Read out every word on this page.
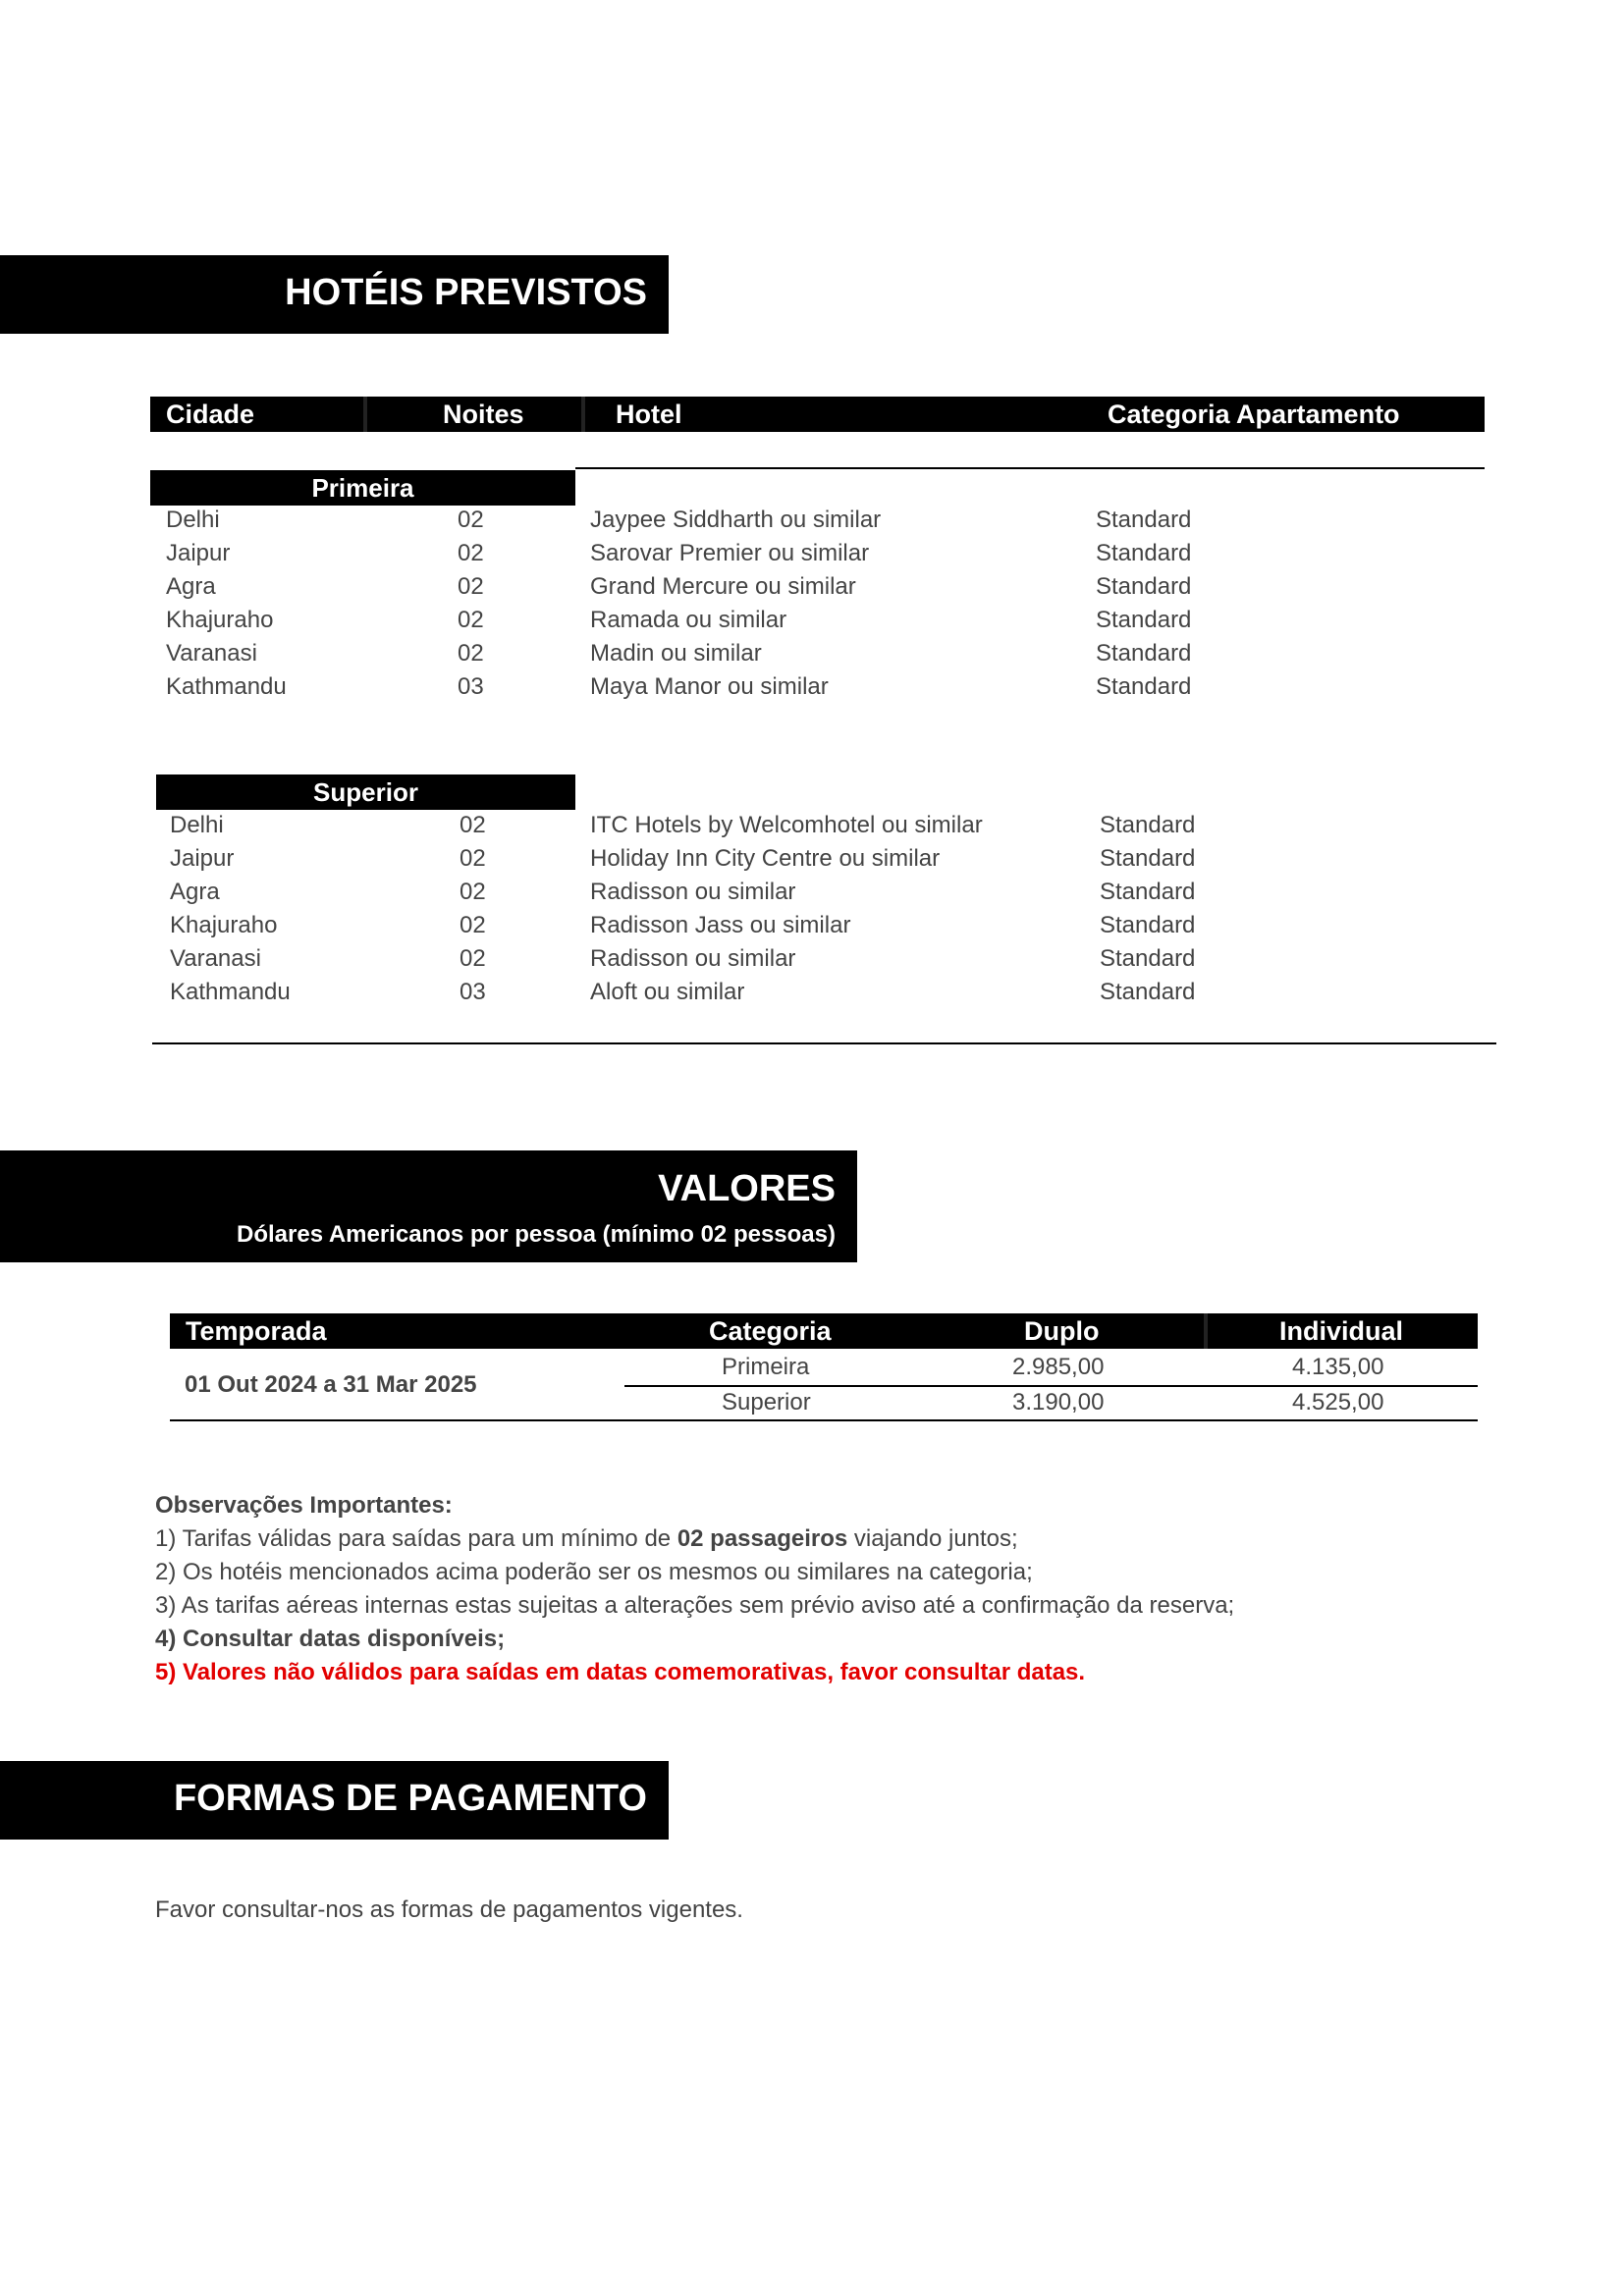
HOTÉIS PREVISTOS
Cidade	Noites	Hotel	Categoria Apartamento
Primeira
Delhi	02	Jaypee Siddharth ou similar	Standard
Jaipur	02	Sarovar Premier ou similar	Standard
Agra	02	Grand Mercure ou similar	Standard
Khajuraho	02	Ramada ou similar	Standard
Varanasi	02	Madin ou similar	Standard
Kathmandu	03	Maya Manor ou similar	Standard
Superior
Delhi	02	ITC Hotels by Welcomhotel ou similar	Standard
Jaipur	02	Holiday Inn City Centre ou similar	Standard
Agra	02	Radisson ou similar	Standard
Khajuraho	02	Radisson Jass ou similar	Standard
Varanasi	02	Radisson ou similar	Standard
Kathmandu	03	Aloft ou similar	Standard
VALORES
Dólares Americanos por pessoa (mínimo 02 pessoas)
Temporada	Categoria	Duplo	Individual
01 Out 2024 a 31 Mar 2025
Primeira	2.985,00	4.135,00
Superior	3.190,00	4.525,00
Observações Importantes:
1) Tarifas válidas para saídas para um mínimo de 02 passageiros viajando juntos;
2) Os hotéis mencionados acima poderão ser os mesmos ou similares na categoria;
3) As tarifas aéreas internas estas sujeitas a alterações sem prévio aviso até a confirmação da reserva;
4) Consultar datas disponíveis;
5) Valores não válidos para saídas em datas comemorativas, favor consultar datas.
FORMAS DE PAGAMENTO
Favor consultar-nos as formas de pagamentos vigentes.
